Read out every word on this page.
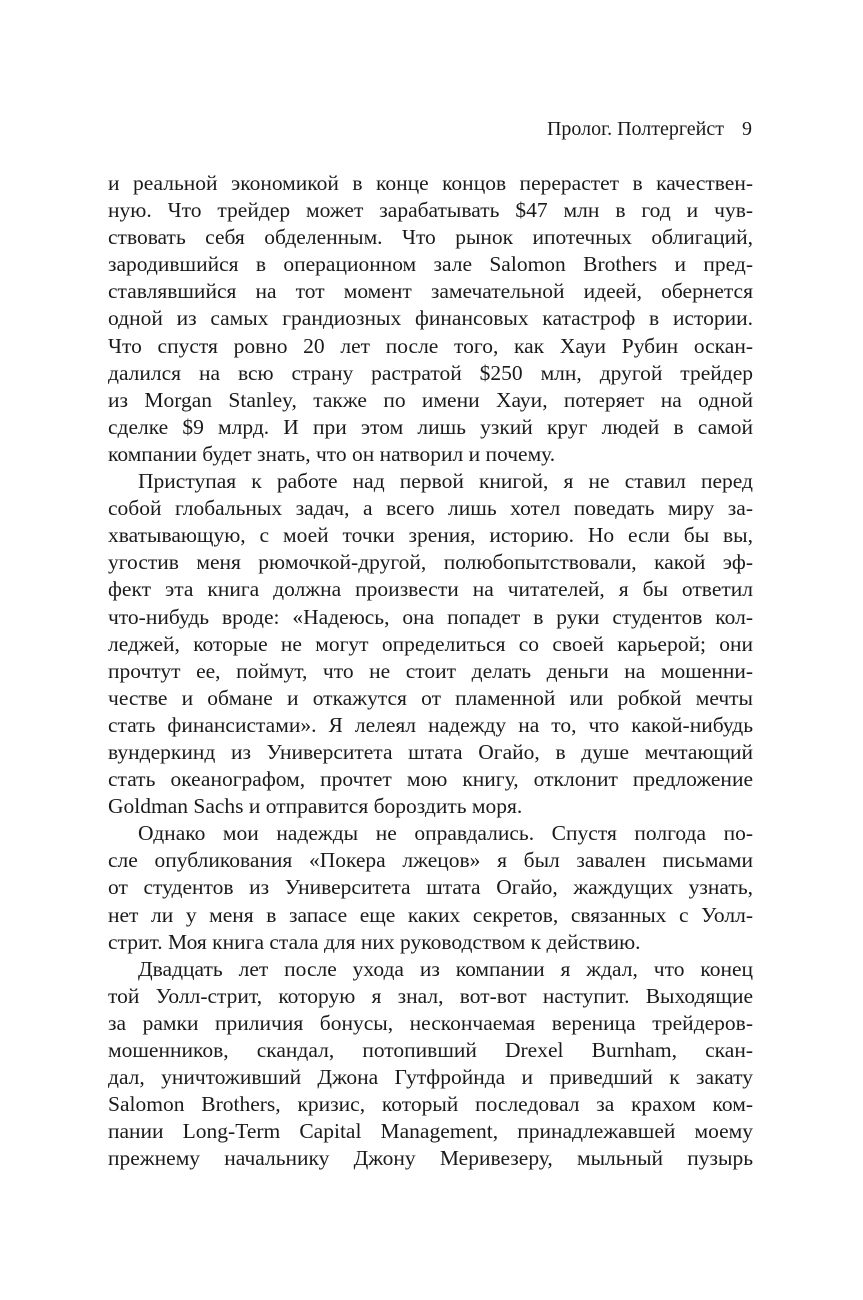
Пролог. Полтергейст 9
и реальной экономикой в конце концов перерастет в качествен-
ную. Что трейдер может зарабатывать $47 млн в год и чув-
ствовать себя обделенным. Что рынок ипотечных облигаций,
зародившийся в операционном зале Salomon Brothers и пред-
ставлявшийся на тот момент замечательной идеей, обернется
одной из самых грандиозных финансовых катастроф в истории.
Что спустя ровно 20 лет после того, как Хауи Рубин оскан-
далился на всю страну растратой $250 млн, другой трейдер
из Morgan Stanley, также по имени Хауи, потеряет на одной
сделке $9 млрд. И при этом лишь узкий круг людей в самой
компании будет знать, что он натворил и почему.
Приступая к работе над первой книгой, я не ставил перед
собой глобальных задач, а всего лишь хотел поведать миру за-
хватывающую, с моей точки зрения, историю. Но если бы вы,
угостив меня рюмочкой-другой, полюбопытствовали, какой эф-
фект эта книга должна произвести на читателей, я бы ответил
что-нибудь вроде: «Надеюсь, она попадет в руки студентов кол-
леджей, которые не могут определиться со своей карьерой; они
прочтут ее, поймут, что не стоит делать деньги на мошенни-
честве и обмане и откажутся от пламенной или робкой мечты
стать финансистами». Я лелеял надежду на то, что какой-нибудь
вундеркинд из Университета штата Огайо, в душе мечтающий
стать океанографом, прочтет мою книгу, отклонит предложение
Goldman Sachs и отправится бороздить моря.
Однако мои надежды не оправдались. Спустя полгода по-
сле опубликования «Покера лжецов» я был завален письмами
от студентов из Университета штата Огайо, жаждущих узнать,
нет ли у меня в запасе еще каких секретов, связанных с Уолл-
стрит. Моя книга стала для них руководством к действию.
Двадцать лет после ухода из компании я ждал, что конец
той Уолл-стрит, которую я знал, вот-вот наступит. Выходящие
за рамки приличия бонусы, нескончаемая вереница трейдеров-
мошенников, скандал, потопивший Drexel Burnham, скан-
дал, уничтоживший Джона Гутфройнда и приведший к закату
Salomon Brothers, кризис, который последовал за крахом ком-
пании Long-Term Capital Management, принадлежавшей моему
прежнему начальнику Джону Меривезеру, мыльный пузырь
